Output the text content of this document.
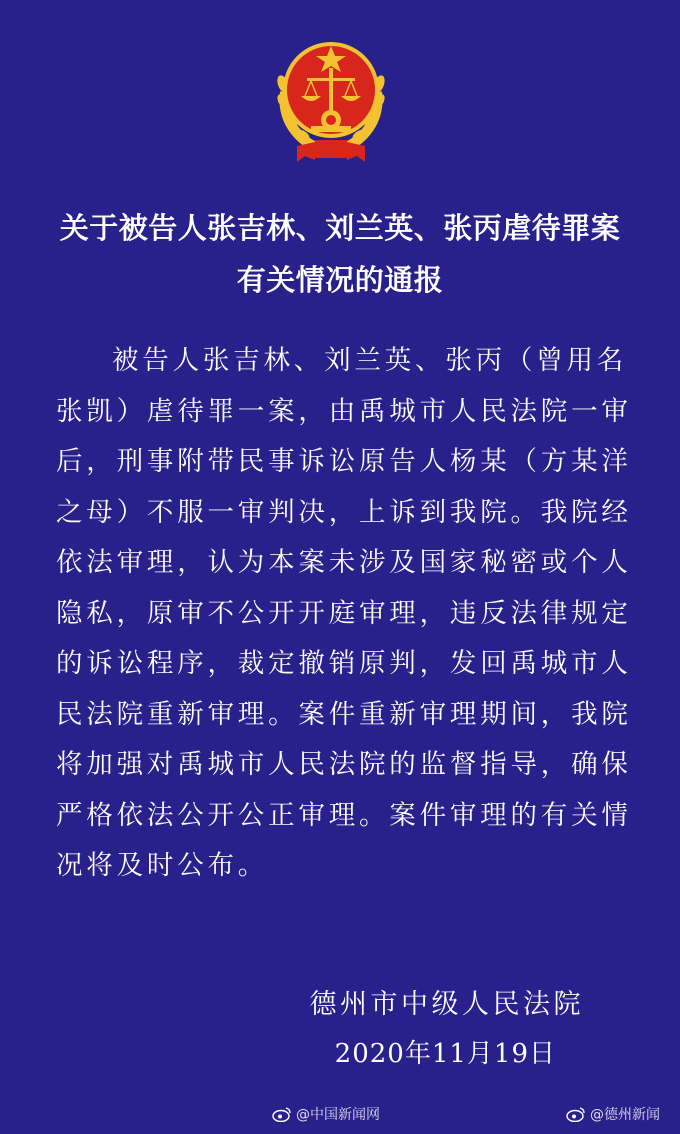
关于被告人张吉林、刘兰英、张丙虐待罪案
有关情况的通报
被告人张吉林、刘兰英、张丙（曾用名
张凯）虐待罪一案，由禹城市人民法院一审
后，刑事附带民事诉讼原告人杨某（方某洋
之母）不服一审判决，上诉到我院。我院经
依法审理，认为本案未涉及国家秘密或个人
隐私，原审不公开开庭审理，违反法律规定
的诉讼程序，裁定撤销原判，发回禹城市人
民法院重新审理。案件重新审理期间，我院
将加强对禹城市人民法院的监督指导，确保
严格依法公开公正审理。案件审理的有关情
况将及时公布。
德州市中级人民法院
2020年11月19日
@中国新闻网	@德州新闻
